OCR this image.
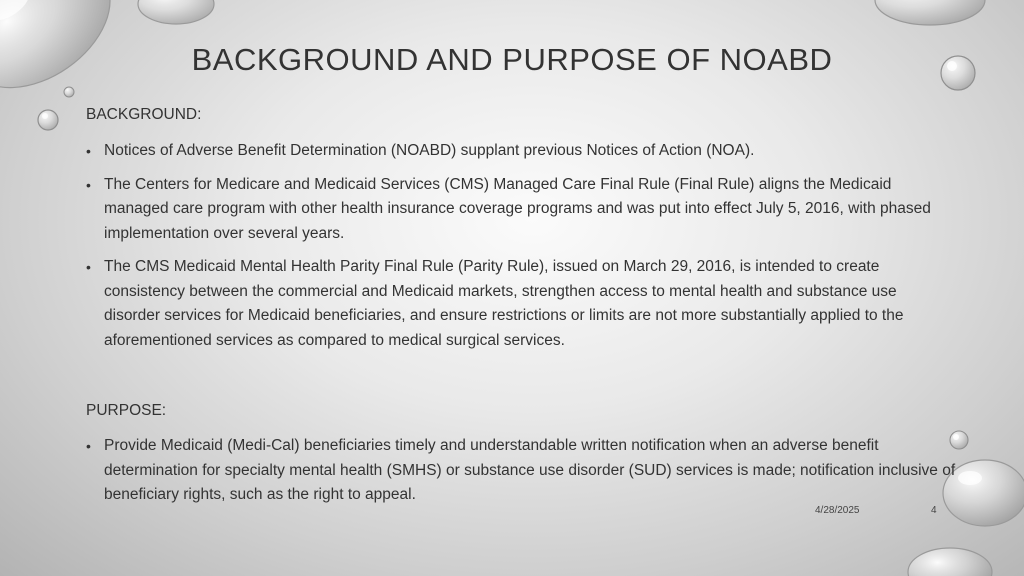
BACKGROUND AND PURPOSE OF NOABD

BACKGROUND:

• Notices of Adverse Benefit Determination (NOABD) supplant previous Notices of Action (NOA).
• The Centers for Medicare and Medicaid Services (CMS) Managed Care Final Rule (Final Rule) aligns the Medicaid managed care program with other health insurance coverage programs and was put into effect July 5, 2016, with phased implementation over several years.
• The CMS Medicaid Mental Health Parity Final Rule (Parity Rule), issued on March 29, 2016, is intended to create consistency between the commercial and Medicaid markets, strengthen access to mental health and substance use disorder services for Medicaid beneficiaries, and ensure restrictions or limits are not more substantially applied to the aforementioned services as compared to medical surgical services.

PURPOSE:

• Provide Medicaid (Medi-Cal) beneficiaries timely and understandable written notification when an adverse benefit determination for specialty mental health (SMHS) or substance use disorder (SUD) services is made; notification inclusive of beneficiary rights, such as the right to appeal.
4/28/2025	4
